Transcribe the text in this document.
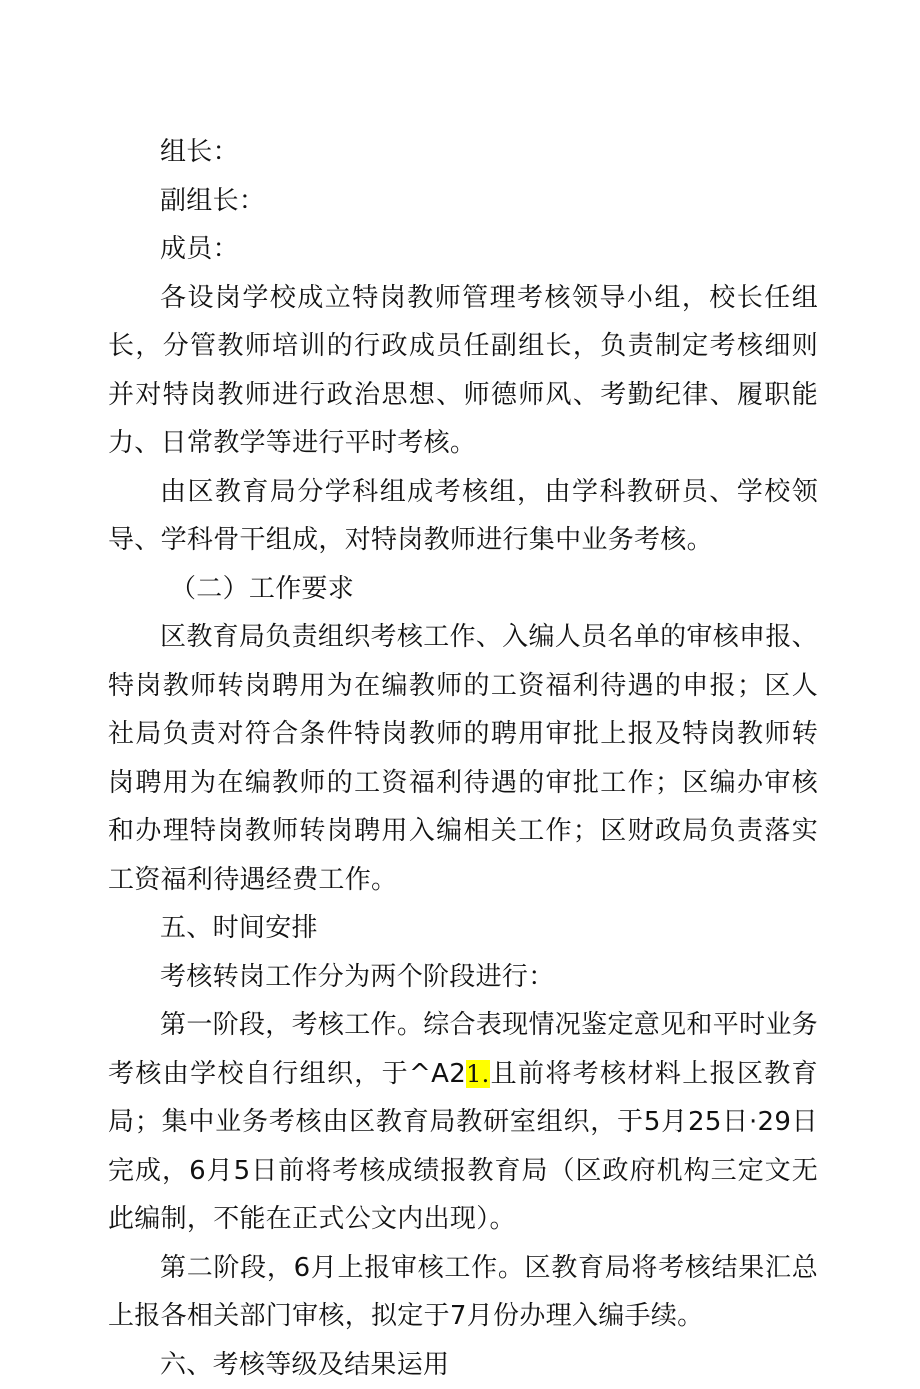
组长：

副组长：

成员：

各设岗学校成立特岗教师管理考核领导小组，校长任组长，分管教师培训的行政成员任副组长，负责制定考核细则并对特岗教师进行政治思想、师德师风、考勤纪律、履职能力、日常教学等进行平时考核。

由区教育局分学科组成考核组，由学科教研员、学校领导、学科骨干组成，对特岗教师进行集中业务考核。

（二）工作要求

区教育局负责组织考核工作、入编人员名单的审核申报、特岗教师转岗聘用为在编教师的工资福利待遇的申报；区人社局负责对符合条件特岗教师的聘用审批上报及特岗教师转岗聘用为在编教师的工资福利待遇的审批工作；区编办审核和办理特岗教师转岗聘用入编相关工作；区财政局负责落实工资福利待遇经费工作。

五、时间安排

考核转岗工作分为两个阶段进行：

第一阶段，考核工作。综合表现情况鉴定意见和平时业务考核由学校自行组织，于^A21.且前将考核材料上报区教育局；集中业务考核由区教育局教研室组织，于5月25日·29日完成，6月5日前将考核成绩报教育局（区政府机构三定文无此编制，不能在正式公文内出现）。

第二阶段，6月上报审核工作。区教育局将考核结果汇总上报各相关部门审核，拟定于7月份办理入编手续。

六、考核等级及结果运用
